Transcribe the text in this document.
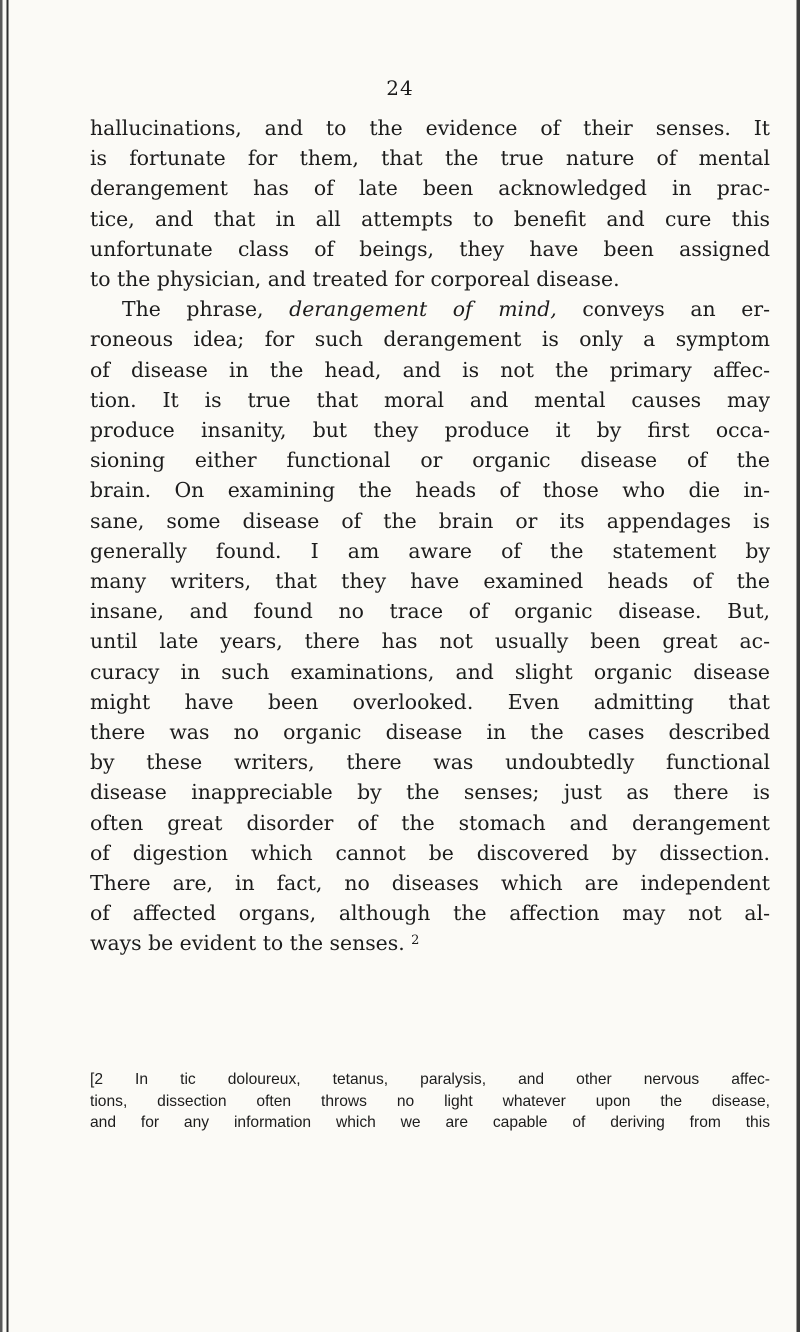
24
hallucinations, and to the evidence of their senses. It
is fortunate for them, that the true nature of mental
derangement has of late been acknowledged in prac-
tice, and that in all attempts to benefit and cure this
unfortunate class of beings, they have been assigned
to the physician, and treated for corporeal disease.
The phrase, derangement of mind, conveys an er-
roneous idea; for such derangement is only a symptom
of disease in the head, and is not the primary affec-
tion. It is true that moral and mental causes may
produce insanity, but they produce it by first occa-
sioning either functional or organic disease of the
brain. On examining the heads of those who die in-
sane, some disease of the brain or its appendages is
generally found. I am aware of the statement by
many writers, that they have examined heads of the
insane, and found no trace of organic disease. But,
until late years, there has not usually been great ac-
curacy in such examinations, and slight organic disease
might have been overlooked. Even admitting that
there was no organic disease in the cases described
by these writers, there was undoubtedly functional
disease inappreciable by the senses; just as there is
often great disorder of the stomach and derangement
of digestion which cannot be discovered by dissection.
There are, in fact, no diseases which are independent
of affected organs, although the affection may not al-
ways be evident to the senses. $^2$
[2 In tic doloureux, tetanus, paralysis, and other nervous affec-
tions, dissection often throws no light whatever upon the disease,
and for any information which we are capable of deriving from this
